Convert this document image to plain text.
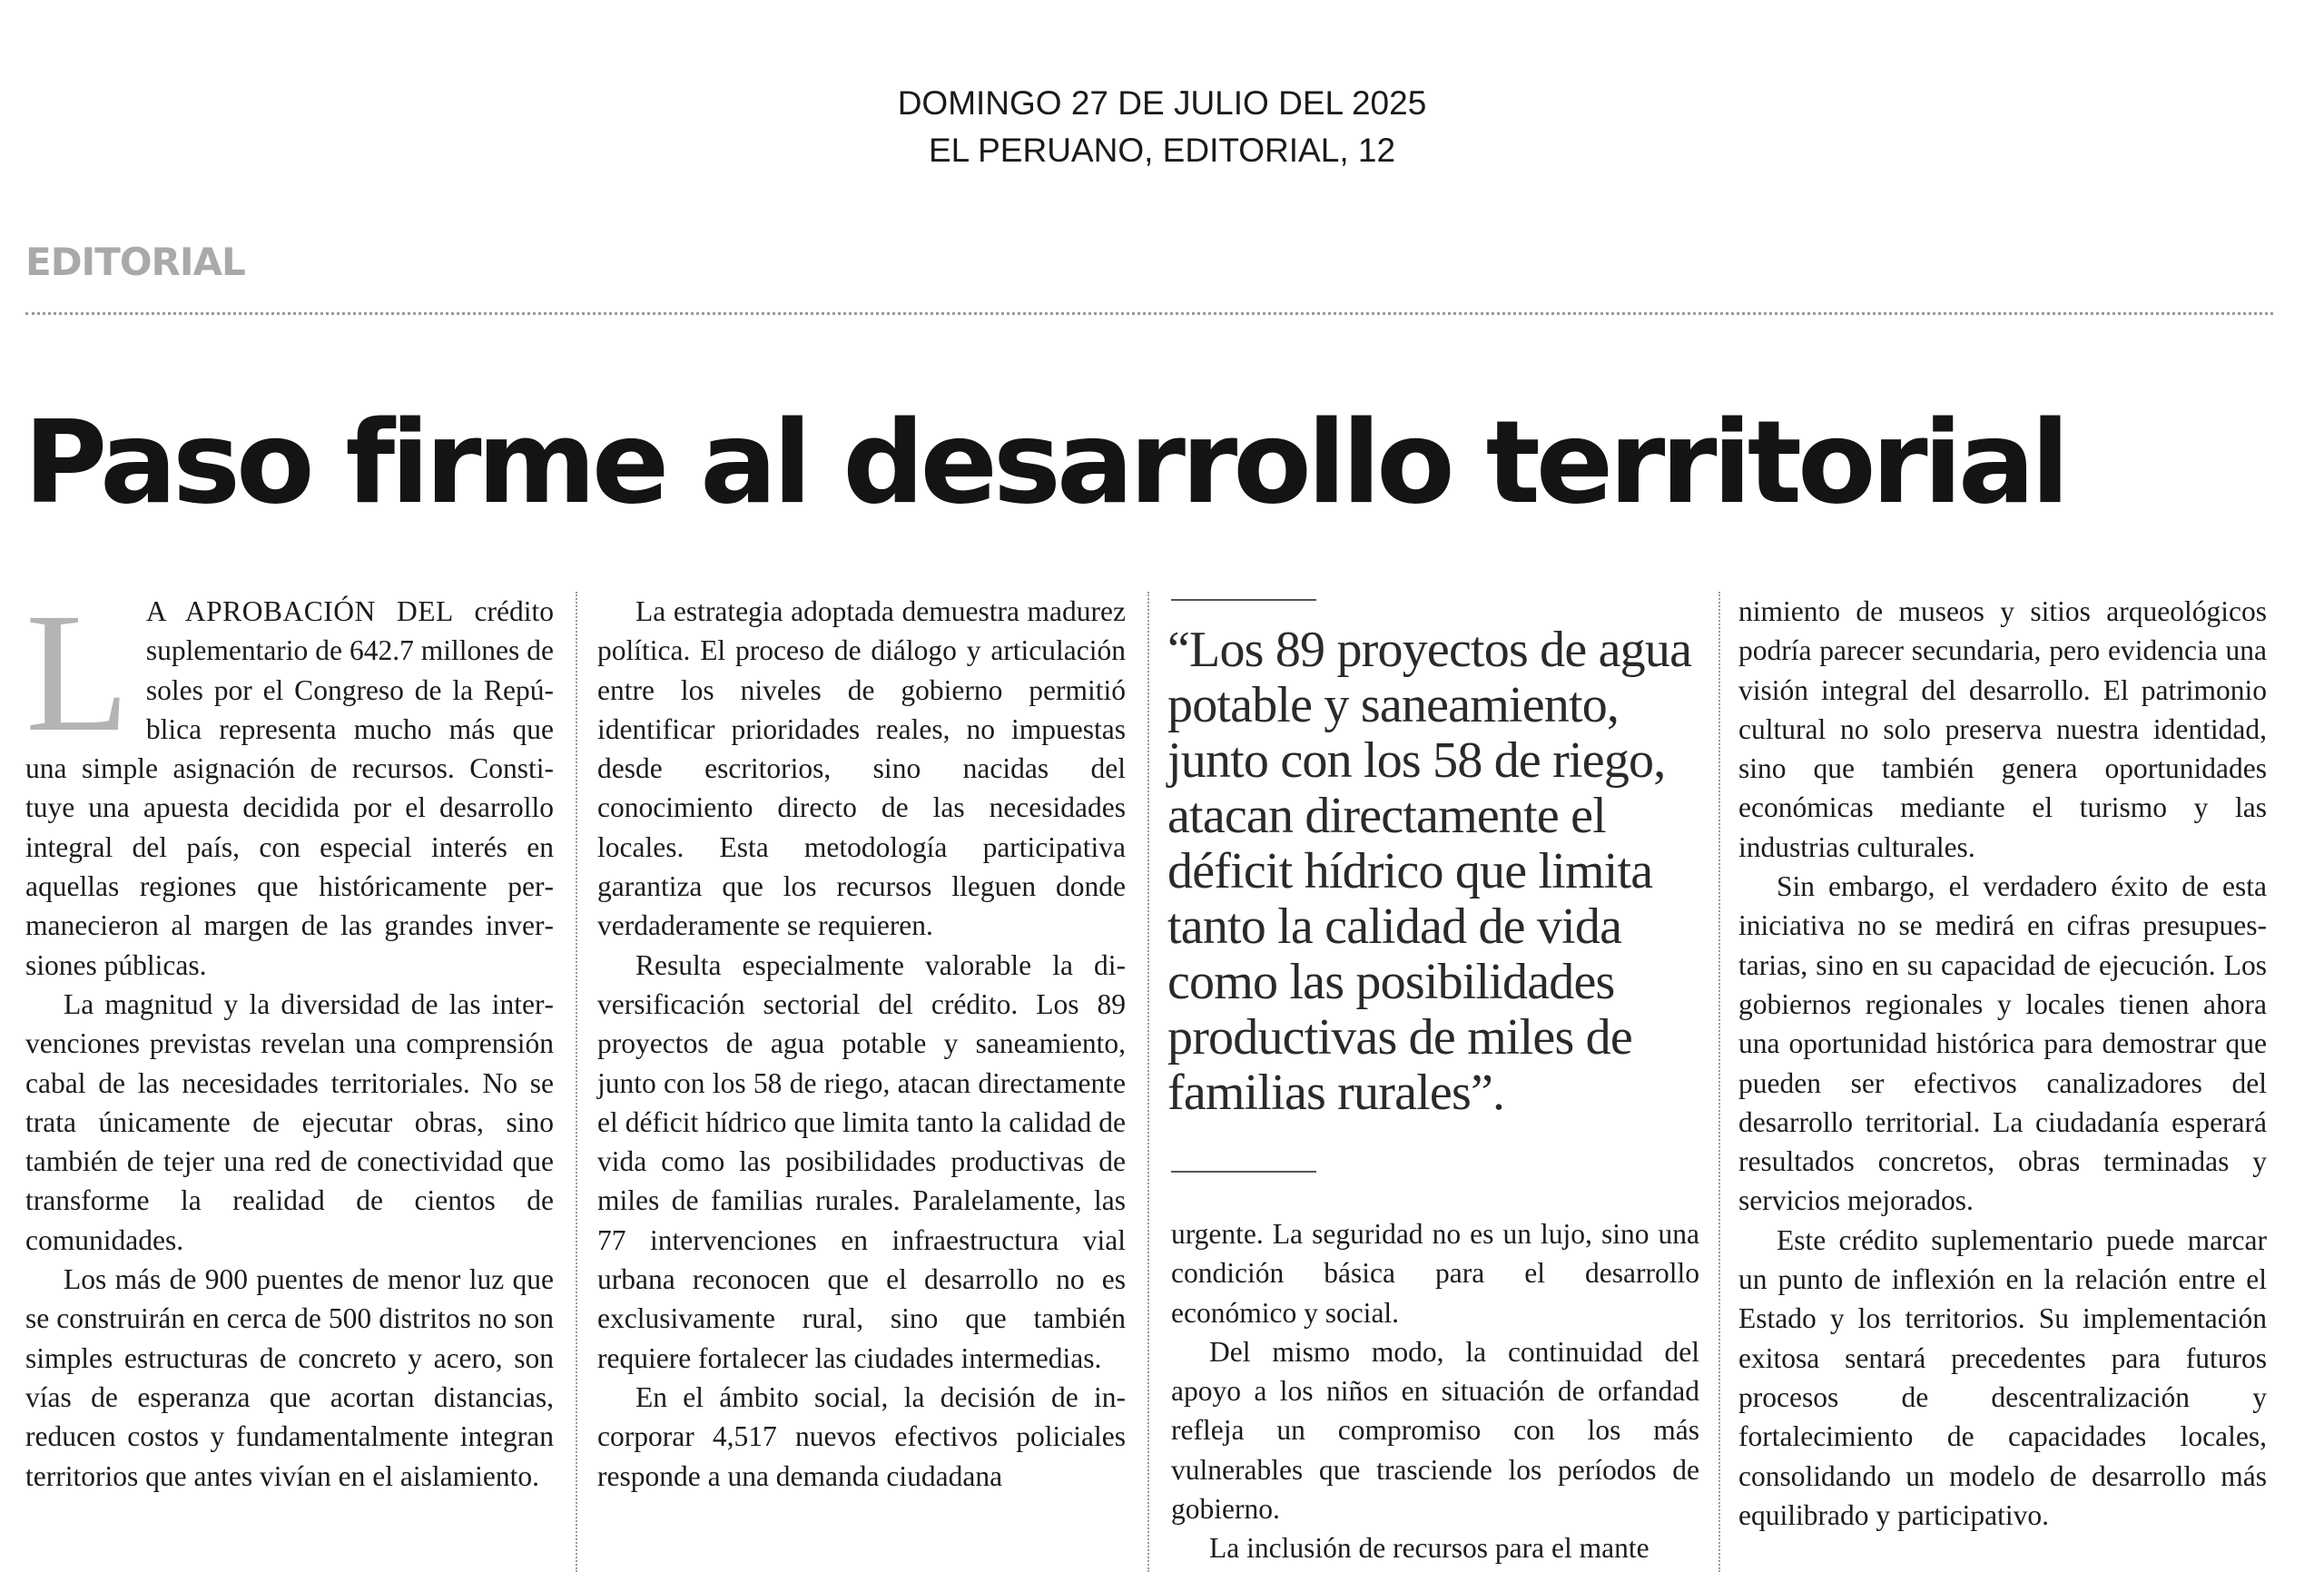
DOMINGO 27 DE JULIO DEL 2025
EL PERUANO, EDITORIAL, 12
EDITORIAL
Paso firme al desarrollo territorial
L A APROBACIÓN DEL crédito suplementario de 642.7 millones de soles por el Congreso de la República representa mucho más que una simple asignación de recursos. Constituye una apuesta decidida por el desarrollo integral del país, con especial interés en aquellas regiones que históricamente permanecieron al margen de las grandes inversiones públicas.

La magnitud y la diversidad de las intervenciones previstas revelan una comprensión cabal de las necesidades territoriales. No se trata únicamente de ejecutar obras, sino también de tejer una red de conectividad que transforme la realidad de cientos de comunidades.

Los más de 900 puentes de menor luz que se construirán en cerca de 500 distritos no son simples estructuras de concreto y acero, son vías de esperanza que acortan distancias, reducen costos y fundamentalmente integran territorios que antes vivían en el aislamiento.

La estrategia adoptada demuestra madurez política. El proceso de diálogo y articulación entre los niveles de gobierno permitió identificar prioridades reales, no impuestas desde escritorios, sino nacidas del conocimiento directo de las necesidades locales. Esta metodología participativa garantiza que los recursos lleguen donde verdaderamente se requieren.

Resulta especialmente valorable la diversificación sectorial del crédito. Los 89 proyectos de agua potable y saneamiento, junto con los 58 de riego, atacan directamente el déficit hídrico que limita tanto la calidad de vida como las posibilidades productivas de miles de familias rurales. Paralelamente, las 77 intervenciones en infraestructura vial urbana reconocen que el desarrollo no es exclusivamente rural, sino que también requiere fortalecer las ciudades intermedias.

En el ámbito social, la decisión de incorporar 4,517 nuevos efectivos policiales responde a una demanda ciudadana

“Los 89 proyectos de agua potable y saneamiento, junto con los 58 de riego, atacan directamente el déficit hídrico que limita tanto la calidad de vida como las posibilidades productivas de miles de familias rurales”.

urgente. La seguridad no es un lujo, sino una condición básica para el desarrollo económico y social.

Del mismo modo, la continuidad del apoyo a los niños en situación de orfandad refleja un compromiso con los más vulnerables que trasciende los períodos de gobierno.

La inclusión de recursos para el mante

nimiento de museos y sitios arqueológicos podría parecer secundaria, pero evidencia una visión integral del desarrollo. El patrimonio cultural no solo preserva nuestra identidad, sino que también genera oportunidades económicas mediante el turismo y las industrias culturales.

Sin embargo, el verdadero éxito de esta iniciativa no se medirá en cifras presupuestarias, sino en su capacidad de ejecución. Los gobiernos regionales y locales tienen ahora una oportunidad histórica para demostrar que pueden ser efectivos canalizadores del desarrollo territorial. La ciudadanía esperará resultados concretos, obras terminadas y servicios mejorados.

Este crédito suplementario puede marcar un punto de inflexión en la relación entre el Estado y los territorios. Su implementación exitosa sentará precedentes para futuros procesos de descentralización y fortalecimiento de capacidades locales, consolidando un modelo de desarrollo más equilibrado y participativo.
